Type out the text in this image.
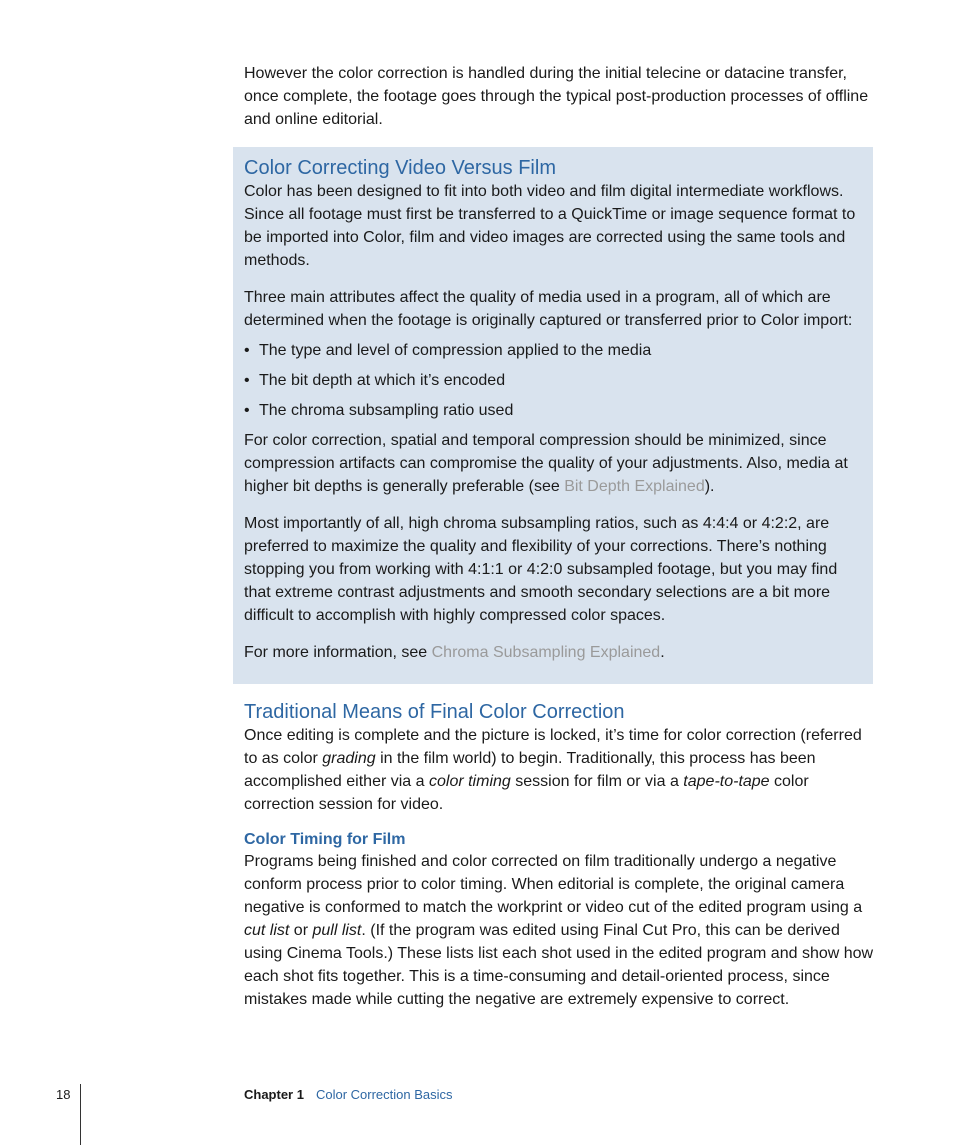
However the color correction is handled during the initial telecine or datacine transfer, once complete, the footage goes through the typical post-production processes of offline and online editorial.

Color Correcting Video Versus Film

Color has been designed to fit into both video and film digital intermediate workflows. Since all footage must first be transferred to a QuickTime or image sequence format to be imported into Color, film and video images are corrected using the same tools and methods.

Three main attributes affect the quality of media used in a program, all of which are determined when the footage is originally captured or transferred prior to Color import:

• The type and level of compression applied to the media
• The bit depth at which it’s encoded
• The chroma subsampling ratio used

For color correction, spatial and temporal compression should be minimized, since compression artifacts can compromise the quality of your adjustments. Also, media at higher bit depths is generally preferable (see Bit Depth Explained).

Most importantly of all, high chroma subsampling ratios, such as 4:4:4 or 4:2:2, are preferred to maximize the quality and flexibility of your corrections. There’s nothing stopping you from working with 4:1:1 or 4:2:0 subsampled footage, but you may find that extreme contrast adjustments and smooth secondary selections are a bit more difficult to accomplish with highly compressed color spaces.

For more information, see Chroma Subsampling Explained.

Traditional Means of Final Color Correction

Once editing is complete and the picture is locked, it’s time for color correction (referred to as color grading in the film world) to begin. Traditionally, this process has been accomplished either via a color timing session for film or via a tape-to-tape color correction session for video.

Color Timing for Film

Programs being finished and color corrected on film traditionally undergo a negative conform process prior to color timing. When editorial is complete, the original camera negative is conformed to match the workprint or video cut of the edited program using a cut list or pull list. (If the program was edited using Final Cut Pro, this can be derived using Cinema Tools.) These lists list each shot used in the edited program and show how each shot fits together. This is a time-consuming and detail-oriented process, since mistakes made while cutting the negative are extremely expensive to correct.

18	Chapter 1 Color Correction Basics
